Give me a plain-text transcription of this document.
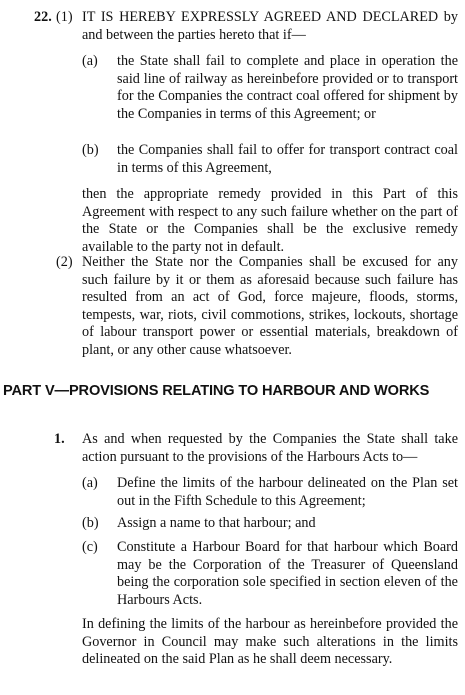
22. (1) IT IS HEREBY EXPRESSLY AGREED AND DECLARED by and between the parties hereto that if—
(a) the State shall fail to complete and place in operation the said line of railway as hereinbefore provided or to transport for the Companies the contract coal offered for shipment by the Companies in terms of this Agreement; or
(b) the Companies shall fail to offer for transport contract coal in terms of this Agreement,
then the appropriate remedy provided in this Part of this Agreement with respect to any such failure whether on the part of the State or the Companies shall be the exclusive remedy available to the party not in default.
(2) Neither the State nor the Companies shall be excused for any such failure by it or them as aforesaid because such failure has resulted from an act of God, force majeure, floods, storms, tempests, war, riots, civil commotions, strikes, lockouts, shortage of labour transport power or essential materials, breakdown of plant, or any other cause whatsoever.
PART V—PROVISIONS RELATING TO HARBOUR AND WORKS
1. As and when requested by the Companies the State shall take action pursuant to the provisions of the Harbours Acts to—
(a) Define the limits of the harbour delineated on the Plan set out in the Fifth Schedule to this Agreement;
(b) Assign a name to that harbour; and
(c) Constitute a Harbour Board for that harbour which Board may be the Corporation of the Treasurer of Queensland being the corporation sole specified in section eleven of the Harbours Acts.
In defining the limits of the harbour as hereinbefore provided the Governor in Council may make such alterations in the limits delineated on the said Plan as he shall deem necessary.
